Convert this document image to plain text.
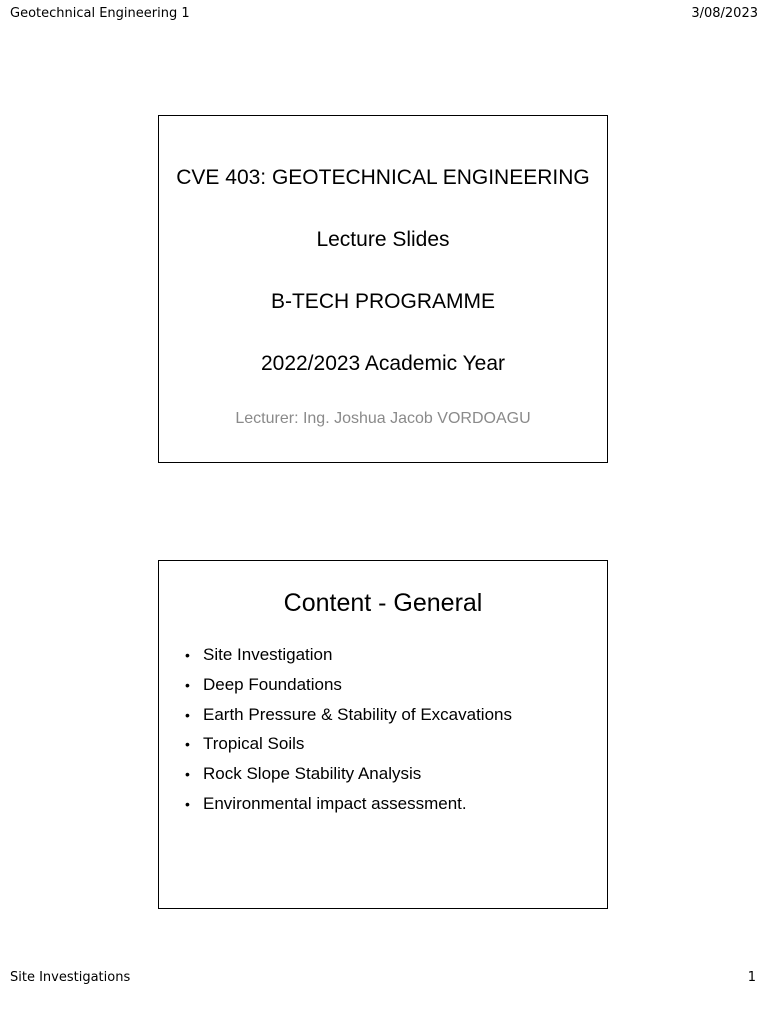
Geotechnical Engineering 1	3/08/2023
CVE 403: GEOTECHNICAL ENGINEERING
Lecture Slides
B-TECH PROGRAMME
2022/2023 Academic Year
Lecturer: Ing. Joshua Jacob VORDOAGU
Content - General
• Site Investigation
• Deep Foundations
• Earth Pressure & Stability of Excavations
• Tropical Soils
• Rock Slope Stability Analysis
• Environmental impact assessment.
Site Investigations	1
